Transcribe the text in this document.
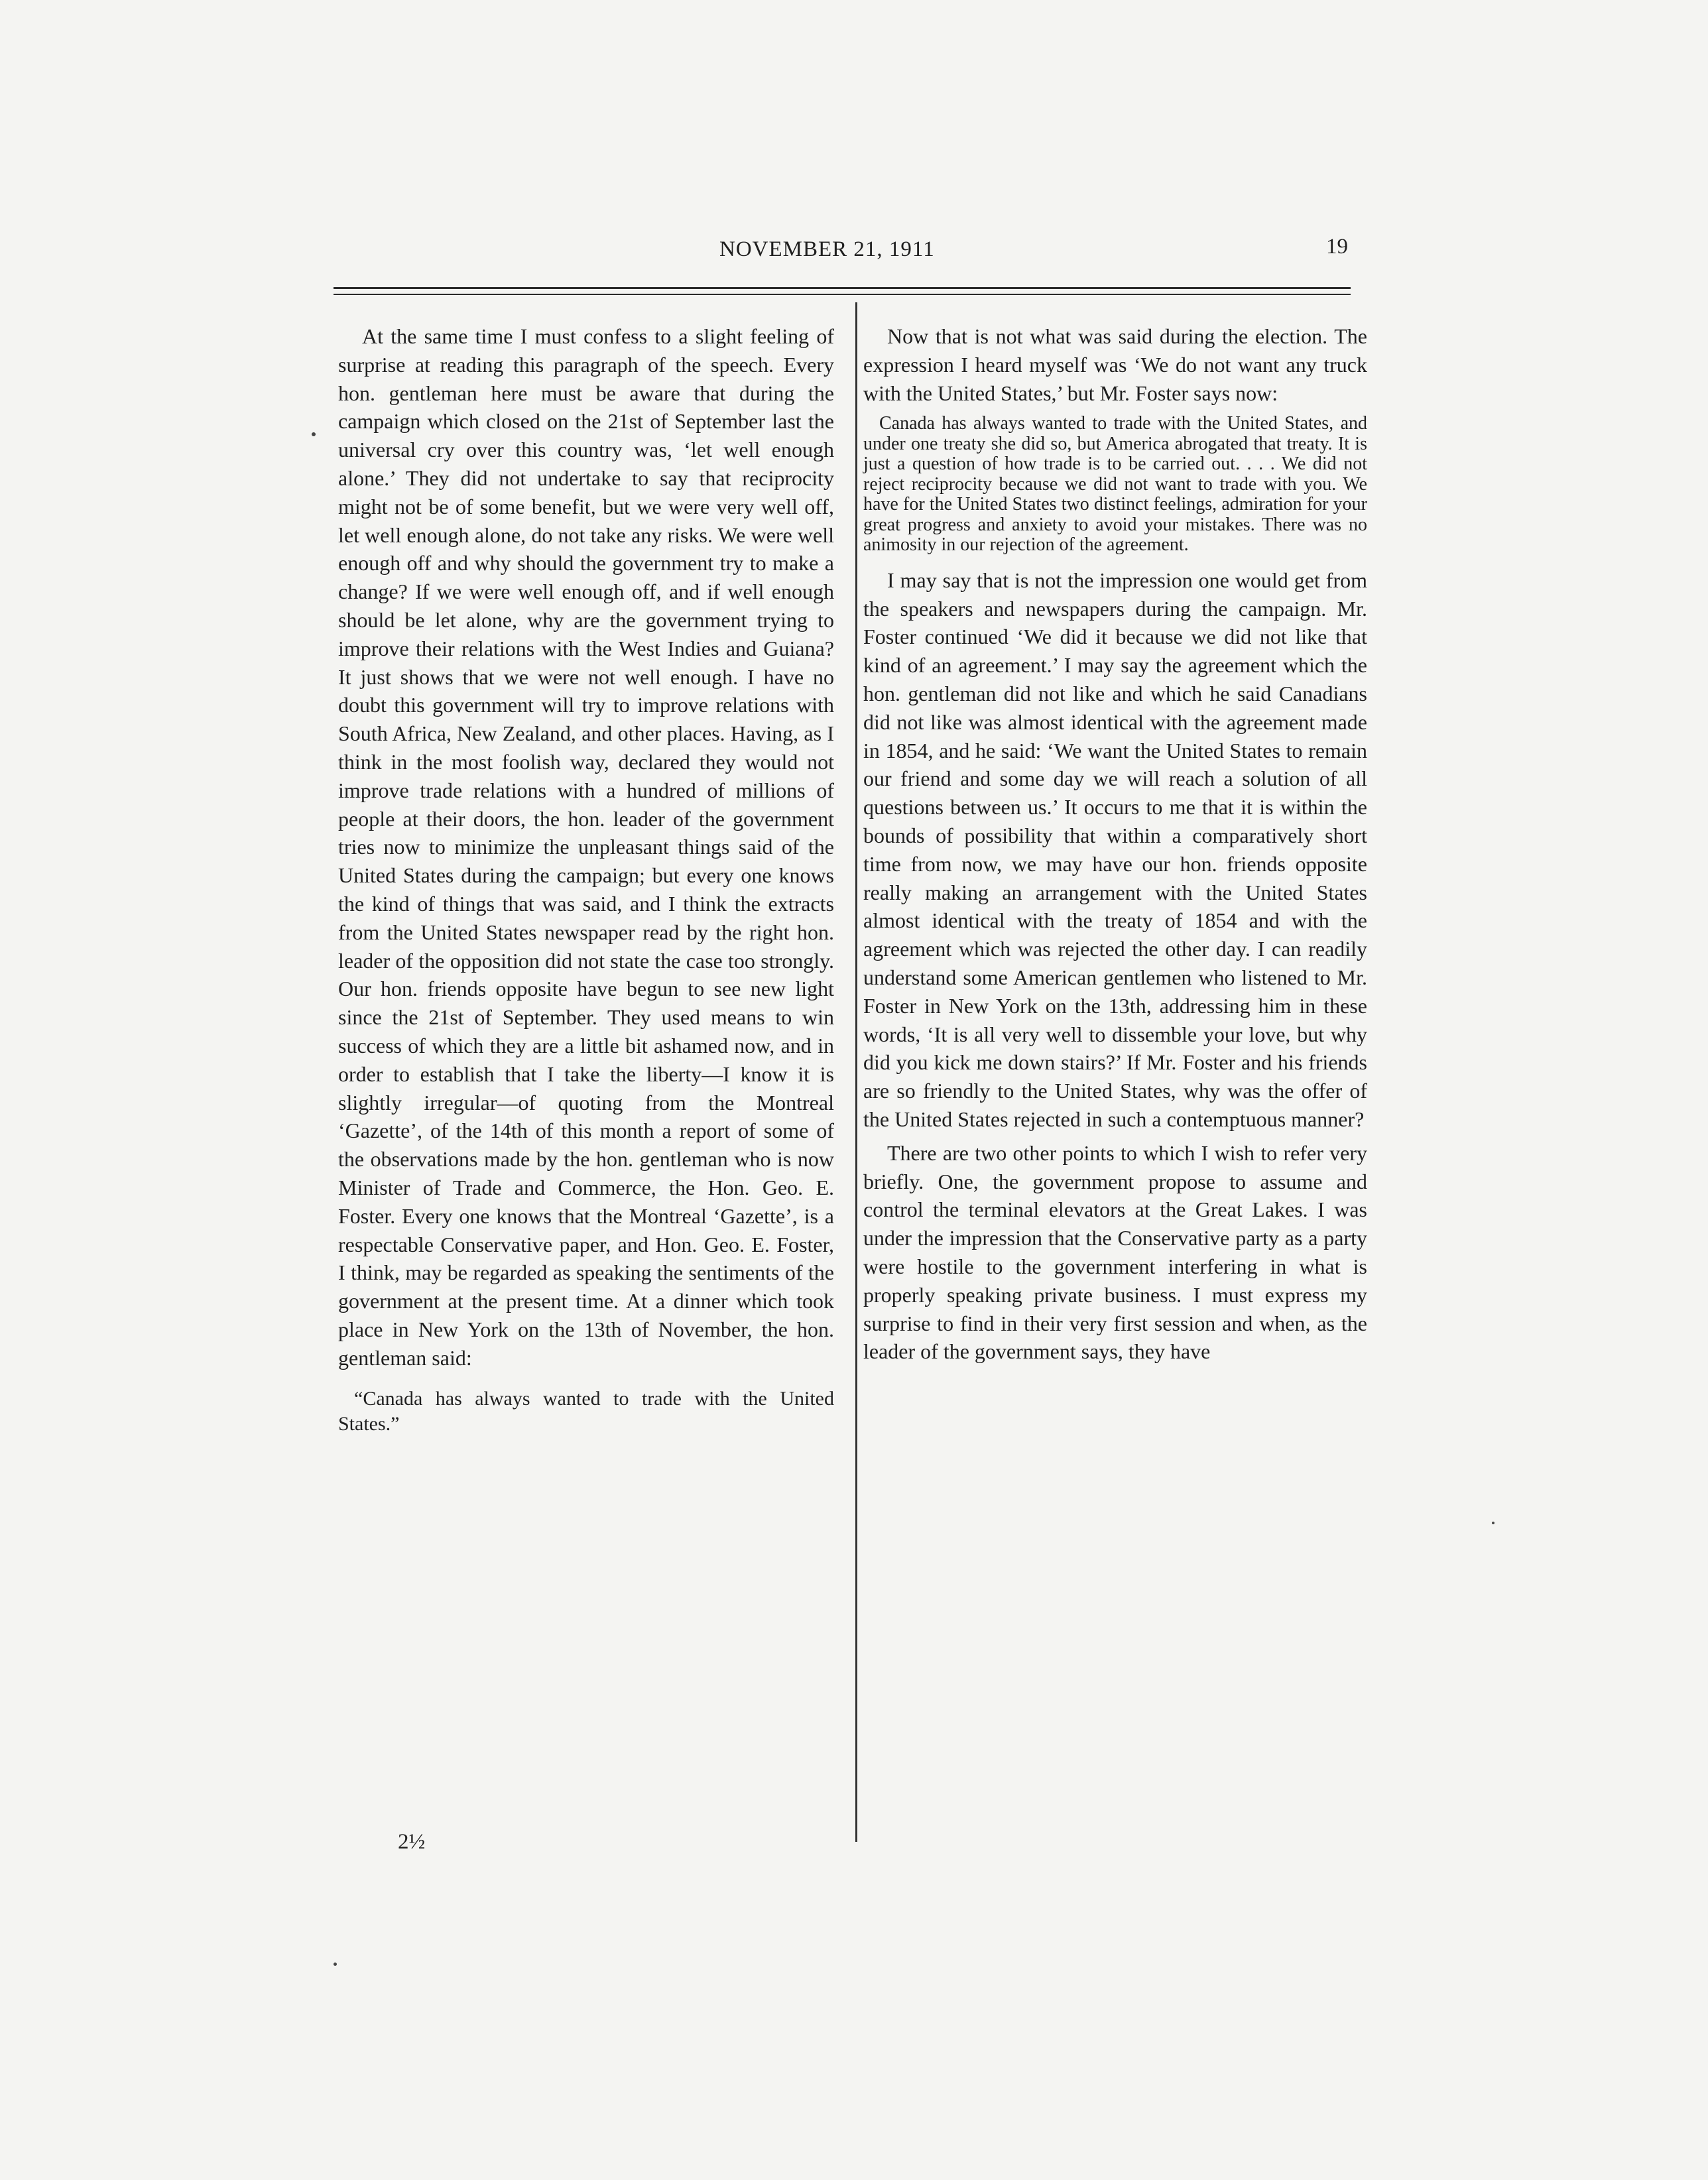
NOVEMBER 21, 1911	19

At the same time I must confess to a slight feeling of surprise at reading this paragraph of the speech. Every hon. gentleman here must be aware that during the campaign which closed on the 21st of September last the universal cry over this country was, ‘let well enough alone.’ They did not undertake to say that reciprocity might not be of some benefit, but we were very well off, let well enough alone, do not take any risks. We were well enough off and why should the government try to make a change? If we were well enough off, and if well enough should be let alone, why are the government trying to improve their relations with the West Indies and Guiana? It just shows that we were not well enough. I have no doubt this government will try to improve relations with South Africa, New Zealand, and other places. Having, as I think in the most foolish way, declared they would not improve trade relations with a hundred of millions of people at their doors, the hon. leader of the government tries now to minimize the unpleasant things said of the United States during the campaign; but every one knows the kind of things that was said, and I think the extracts from the United States newspaper read by the right hon. leader of the opposition did not state the case too strongly. Our hon. friends opposite have begun to see new light since the 21st of September. They used means to win success of which they are a little bit ashamed now, and in order to establish that I take the liberty—I know it is slightly irregular—of quoting from the Montreal ‘Gazette’, of the 14th of this month a report of some of the observations made by the hon. gentleman who is now Minister of Trade and Commerce, the Hon. Geo. E. Foster. Every one knows that the Montreal ‘Gazette’, is a respectable Conservative paper, and Hon. Geo. E. Foster, I think, may be regarded as speaking the sentiments of the government at the present time. At a dinner which took place in New York on the 13th of November, the hon. gentleman said:

“Canada has always wanted to trade with the United States.”

Now that is not what was said during the election. The expression I heard myself was ‘We do not want any truck with the United States,’ but Mr. Foster says now:

Canada has always wanted to trade with the United States, and under one treaty she did so, but America abrogated that treaty. It is just a question of how trade is to be carried out. . . . We did not reject reciprocity because we did not want to trade with you. We have for the United States two distinct feelings, admiration for your great progress and anxiety to avoid your mistakes. There was no animosity in our rejection of the agreement.

I may say that is not the impression one would get from the speakers and newspapers during the campaign. Mr. Foster continued ‘We did it because we did not like that kind of an agreement.’ I may say the agreement which the hon. gentleman did not like and which he said Canadians did not like was almost identical with the agreement made in 1854, and he said: ‘We want the United States to remain our friend and some day we will reach a solution of all questions between us.’ It occurs to me that it is within the bounds of possibility that within a comparatively short time from now, we may have our hon. friends opposite really making an arrangement with the United States almost identical with the treaty of 1854 and with the agreement which was rejected the other day. I can readily understand some American gentlemen who listened to Mr. Foster in New York on the 13th, addressing him in these words, ‘It is all very well to dissemble your love, but why did you kick me down stairs?’ If Mr. Foster and his friends are so friendly to the United States, why was the offer of the United States rejected in such a contemptuous manner?

There are two other points to which I wish to refer very briefly. One, the government propose to assume and control the terminal elevators at the Great Lakes. I was under the impression that the Conservative party as a party were hostile to the government interfering in what is properly speaking private business. I must express my surprise to find in their very first session and when, as the leader of the government says, they have

2½
